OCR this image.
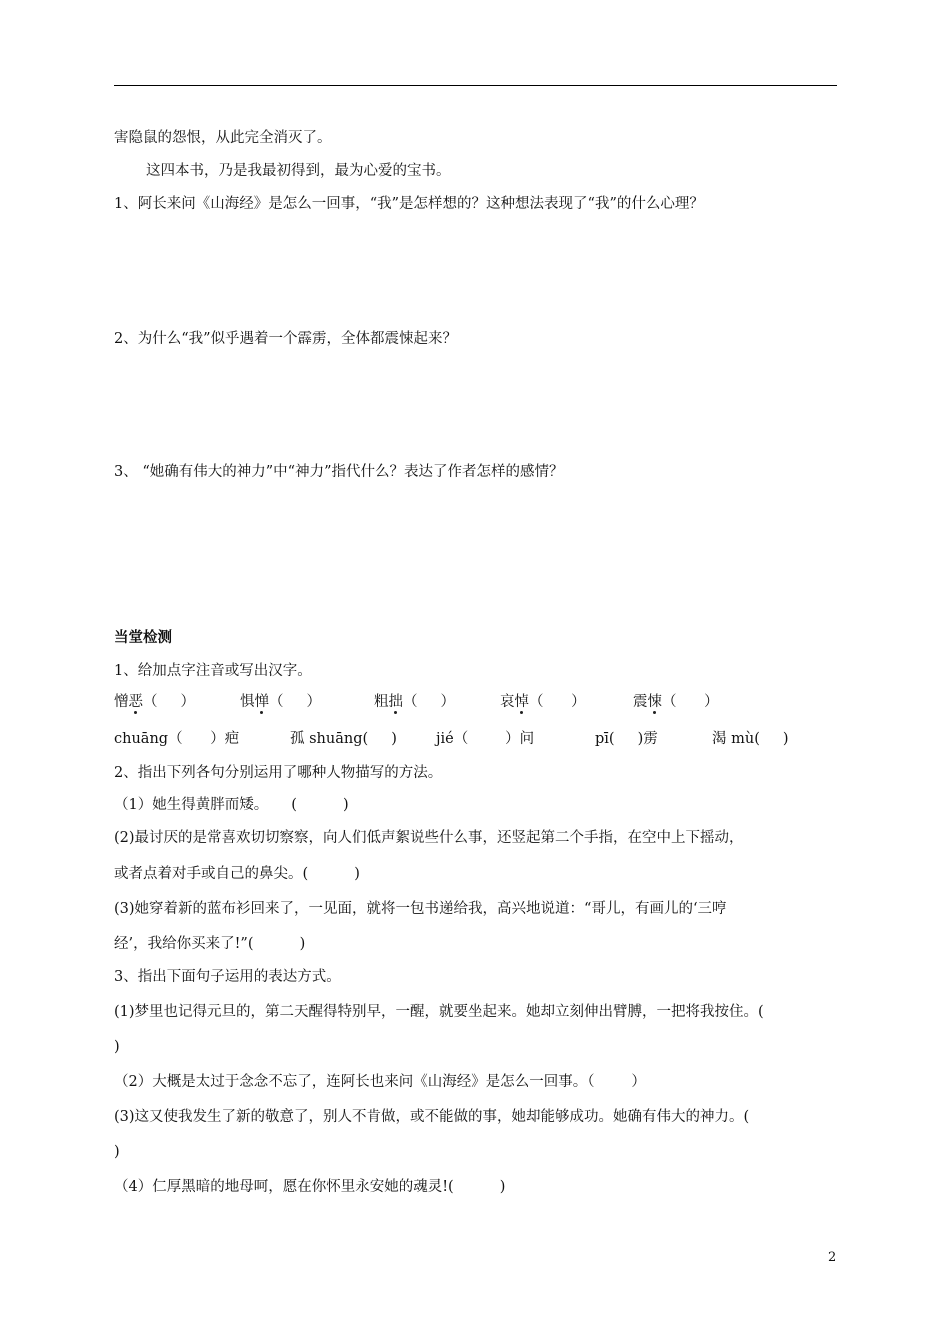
害隐鼠的怨恨，从此完全消灭了。
这四本书，乃是我最初得到，最为心爱的宝书。
1、阿长来问《山海经》是怎么一回事，“我”是怎样想的？这种想法表现了“我”的什么心理？
2、为什么“我”似乎遇着一个霹雳，全体都震悚起来？
3、 “她确有伟大的神力”中“神力”指代什么？表达了作者怎样的感情？
当堂检测
1、给加点字注音或写出汉字。
憎恶（     ）	惧惮（     ）	粗拙（     ）	哀悼（      ）	震悚（      ）
chuāng（      ）疤	孤 shuāng(     )	jié（        ）问	pī(     )雳	渴 mù(     )
2、指出下列各句分别运用了哪种人物描写的方法。
（1）她生得黄胖而矮。     (          )
(2)最讨厌的是常喜欢切切察察，向人们低声絮说些什么事，还竖起第二个手指，在空中上下摇动，
或者点着对手或自己的鼻尖。(          )
(3)她穿着新的蓝布衫回来了，一见面，就将一包书递给我，高兴地说道：“哥儿，有画儿的‘三哼
经’，我给你买来了!”(          )
3、指出下面句子运用的表达方式。
(1)梦里也记得元旦的，第二天醒得特别早，一醒，就要坐起来。她却立刻伸出臂膊，一把将我按住。(
)
（2）大概是太过于念念不忘了，连阿长也来问《山海经》是怎么一回事。（        ）
(3)这又使我发生了新的敬意了，别人不肯做，或不能做的事，她却能够成功。她确有伟大的神力。(
)
（4）仁厚黑暗的地母呵，愿在你怀里永安她的魂灵!(          )
2
